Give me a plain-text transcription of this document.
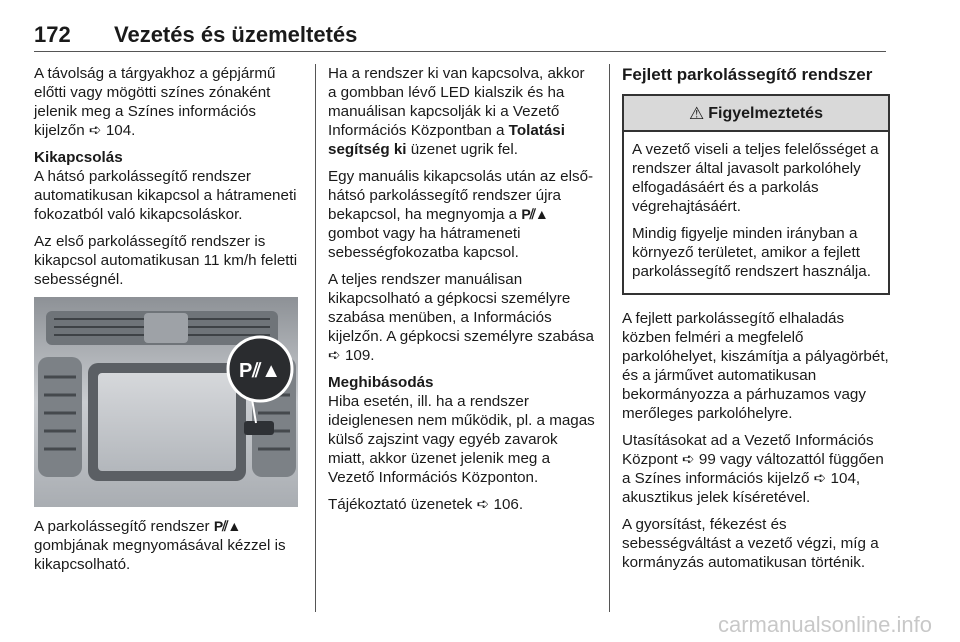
172 Vezetés és üzemeltetés

A távolság a tárgyakhoz a gépjármű előtti vagy mögötti színes zónaként jelenik meg a Színes információs kijelzőn ➪ 104.

Kikapcsolás

A hátsó parkolássegítő rendszer automatikusan kikapcsol a hátrameneti fokozatból való kikapcsoláskor.

Az első parkolássegítő rendszer is kikapcsol automatikusan 11 km/h feletti sebességnél.

P⫽▲

A parkolássegítő rendszer P⫽▲ gombjának megnyomásával kézzel is kikapcsolható.

Ha a rendszer ki van kapcsolva, akkor a gombban lévő LED kialszik és ha manuálisan kapcsolják ki a Vezető Információs Központban a Tolatási segítség ki üzenet ugrik fel.

Egy manuális kikapcsolás után az első-hátsó parkolássegítő rendszer újra bekapcsol, ha megnyomja a P⫽▲ gombot vagy ha hátrameneti sebességfokozatba kapcsol.

A teljes rendszer manuálisan kikapcsolható a gépkocsi személyre szabása menüben, a Információs kijelzőn. A gépkocsi személyre szabása ➪ 109.

Meghibásodás

Hiba esetén, ill. ha a rendszer ideiglenesen nem működik, pl. a magas külső zajszint vagy egyéb zavarok miatt, akkor üzenet jelenik meg a Vezető Információs Központon.

Tájékoztató üzenetek ➪ 106.

Fejlett parkolássegítő rendszer
⚠ Figyelmeztetés

A vezető viseli a teljes felelősséget a rendszer által javasolt parkolóhely elfogadásáért és a parkolás végrehajtásáért.

Mindig figyelje minden irányban a környező területet, amikor a fejlett parkolássegítő rendszert használja.

A fejlett parkolássegítő elhaladás közben felméri a megfelelő parkolóhelyet, kiszámítja a pályagörbét, és a járművet automatikusan bekormányozza a párhuzamos vagy merőleges parkolóhelyre.

Utasításokat ad a Vezető Információs Központ ➪ 99 vagy változattól függően a Színes információs kijelző ➪ 104, akusztikus jelek kíséretével.

A gyorsítást, fékezést és sebességváltást a vezető végzi, míg a kormányzás automatikusan történik.

carmanualsonline.info
